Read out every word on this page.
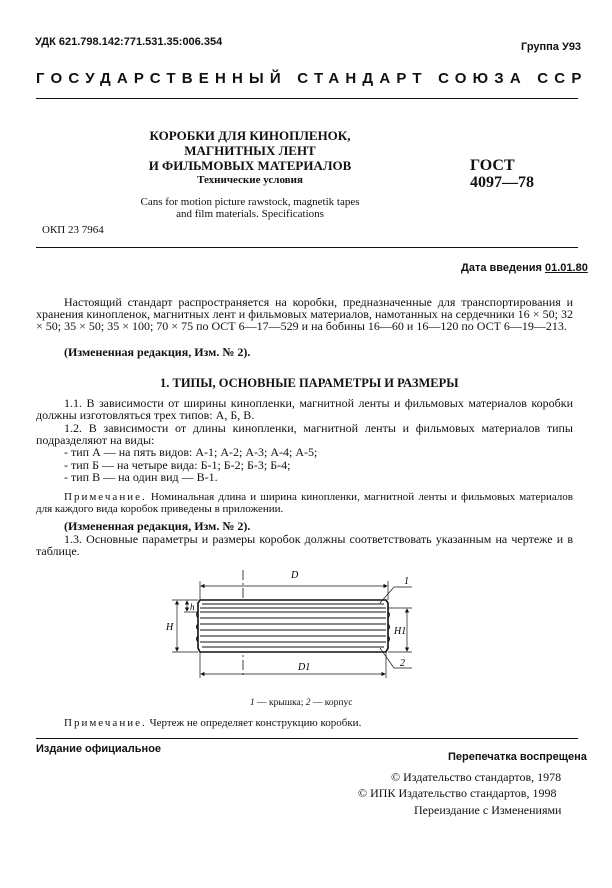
УДК 621.798.142:771.531.35:006.354	Группа У93
ГОСУДАРСТВЕННЫЙ СТАНДАРТ СОЮЗА ССР
КОРОБКИ ДЛЯ КИНОПЛЕНОК, МАГНИТНЫХ ЛЕНТ
И ФИЛЬМОВЫХ МАТЕРИАЛОВ	ГОСТ
4097—78
Технические условия
Cans for motion picture rawstock, magnetik tapes
and film materials. Specifications
ОКП 23 7964
Дата введения 01.01.80
Настоящий стандарт распространяется на коробки, предназначенные для транспортирования и хранения кинопленок, магнитных лент и фильмовых материалов, намотанных на сердечники 16 × 50; 32 × 50; 35 × 50; 35 × 100; 70 × 75 по ОСТ 6—17—529 и на бобины 16—60 и 16—120 по ОСТ 6—19—213.
(Измененная редакция, Изм. № 2).
1. ТИПЫ, ОСНОВНЫЕ ПАРАМЕТРЫ И РАЗМЕРЫ
1.1. В зависимости от ширины кинопленки, магнитной ленты и фильмовых материалов коробки должны изготовляться трех типов: А, Б, В.
1.2. В зависимости от длины кинопленки, магнитной ленты и фильмовых материалов типы подразделяют на виды:
- тип А — на пять видов: А-1; А-2; А-3; А-4; А-5;
- тип Б — на четыре вида: Б-1; Б-2; Б-3; Б-4;
- тип В — на один вид — В-1.
Примечание. Номинальная длина и ширина кинопленки, магнитной ленты и фильмовых материалов для каждого вида коробок приведены в приложении.
(Измененная редакция, Изм. № 2).
1.3. Основные параметры и размеры коробок должны соответствовать указанным на чертеже и в таблице.
D
D1
H
h
H1
1
2
1 — крышка; 2 — корпус
Примечание. Чертеж не определяет конструкцию коробки.
Издание официальное
Перепечатка воспрещена
© Издательство стандартов, 1978
© ИПК Издательство стандартов, 1998
Переиздание с Изменениями
